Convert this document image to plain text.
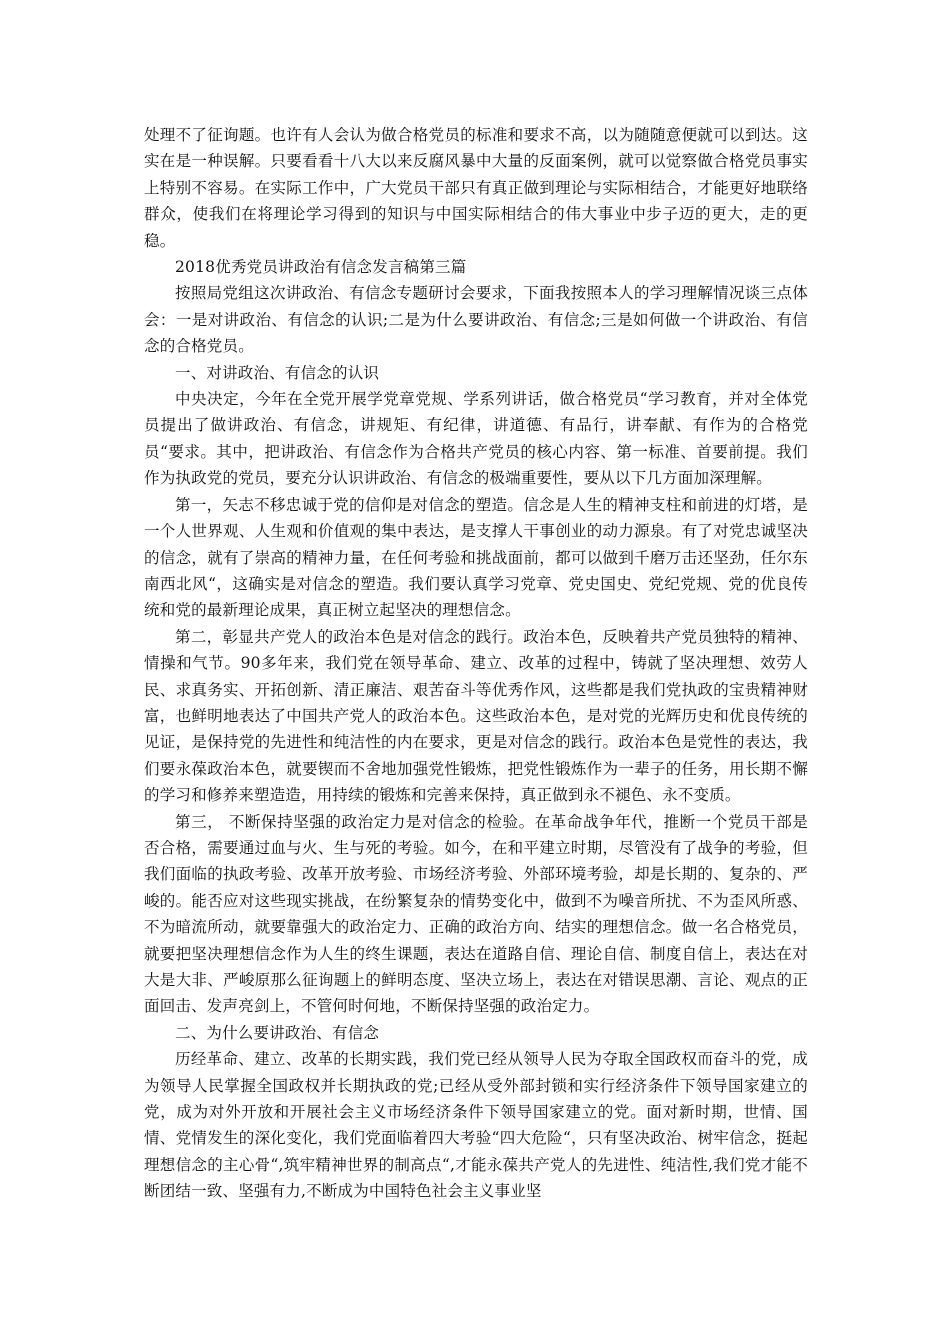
处理不了征询题。也许有人会认为做合格党员的标准和要求不高，以为随随意便就可以到达。这实在是一种误解。只要看看十八大以来反腐风暴中大量的反面案例，就可以觉察做合格党员事实上特别不容易。在实际工作中，广大党员干部只有真正做到理论与实际相结合，才能更好地联络群众，使我们在将理论学习得到的知识与中国实际相结合的伟大事业中步子迈的更大，走的更稳。

2018优秀党员讲政治有信念发言稿第三篇

按照局党组这次讲政治、有信念专题研讨会要求，下面我按照本人的学习理解情况谈三点体会：一是对讲政治、有信念的认识;二是为什么要讲政治、有信念;三是如何做一个讲政治、有信念的合格党员。

一、对讲政治、有信念的认识

中央决定，今年在全党开展学党章党规、学系列讲话，做合格党员“学习教育，并对全体党员提出了做讲政治、有信念，讲规矩、有纪律，讲道德、有品行，讲奉献、有作为的合格党员“要求。其中，把讲政治、有信念作为合格共产党员的核心内容、第一标准、首要前提。我们作为执政党的党员，要充分认识讲政治、有信念的极端重要性，要从以下几方面加深理解。

第一，矢志不移忠诚于党的信仰是对信念的塑造。信念是人生的精神支柱和前进的灯塔，是一个人世界观、人生观和价值观的集中表达，是支撑人干事创业的动力源泉。有了对党忠诚坚决的信念，就有了崇高的精神力量，在任何考验和挑战面前，都可以做到千磨万击还坚劲，任尔东南西北风“，这确实是对信念的塑造。我们要认真学习党章、党史国史、党纪党规、党的优良传统和党的最新理论成果，真正树立起坚决的理想信念。

第二，彰显共产党人的政治本色是对信念的践行。政治本色，反映着共产党员独特的精神、情操和气节。90多年来，我们党在领导革命、建立、改革的过程中，铸就了坚决理想、效劳人民、求真务实、开拓创新、清正廉洁、艰苦奋斗等优秀作风，这些都是我们党执政的宝贵精神财富，也鲜明地表达了中国共产党人的政治本色。这些政治本色，是对党的光辉历史和优良传统的见证，是保持党的先进性和纯洁性的内在要求，更是对信念的践行。政治本色是党性的表达，我们要永葆政治本色，就要锲而不舍地加强党性锻炼，把党性锻炼作为一辈子的任务，用长期不懈的学习和修养来塑造造，用持续的锻炼和完善来保持，真正做到永不褪色、永不变质。

第三， 不断保持坚强的政治定力是对信念的检验。在革命战争年代，推断一个党员干部是否合格，需要通过血与火、生与死的考验。如今，在和平建立时期，尽管没有了战争的考验，但我们面临的执政考验、改革开放考验、市场经济考验、外部环境考验，却是长期的、复杂的、严峻的。能否应对这些现实挑战，在纷繁复杂的情势变化中，做到不为噪音所扰、不为歪风所惑、不为暗流所动，就要靠强大的政治定力、正确的政治方向、结实的理想信念。做一名合格党员，就要把坚决理想信念作为人生的终生课题，表达在道路自信、理论自信、制度自信上，表达在对大是大非、严峻原那么征询题上的鲜明态度、坚决立场上，表达在对错误思潮、言论、观点的正面回击、发声亮剑上，不管何时何地，不断保持坚强的政治定力。

二、为什么要讲政治、有信念

历经革命、建立、改革的长期实践，我们党已经从领导人民为夺取全国政权而奋斗的党，成为领导人民掌握全国政权并长期执政的党;已经从受外部封锁和实行经济条件下领导国家建立的党，成为对外开放和开展社会主义市场经济条件下领导国家建立的党。面对新时期，世情、国情、党情发生的深化变化，我们党面临着四大考验“四大危险“，只有坚决政治、树牢信念，挺起理想信念的主心骨“,筑牢精神世界的制高点“,才能永葆共产党人的先进性、纯洁性,我们党才能不断团结一致、坚强有力,不断成为中国特色社会主义事业坚
